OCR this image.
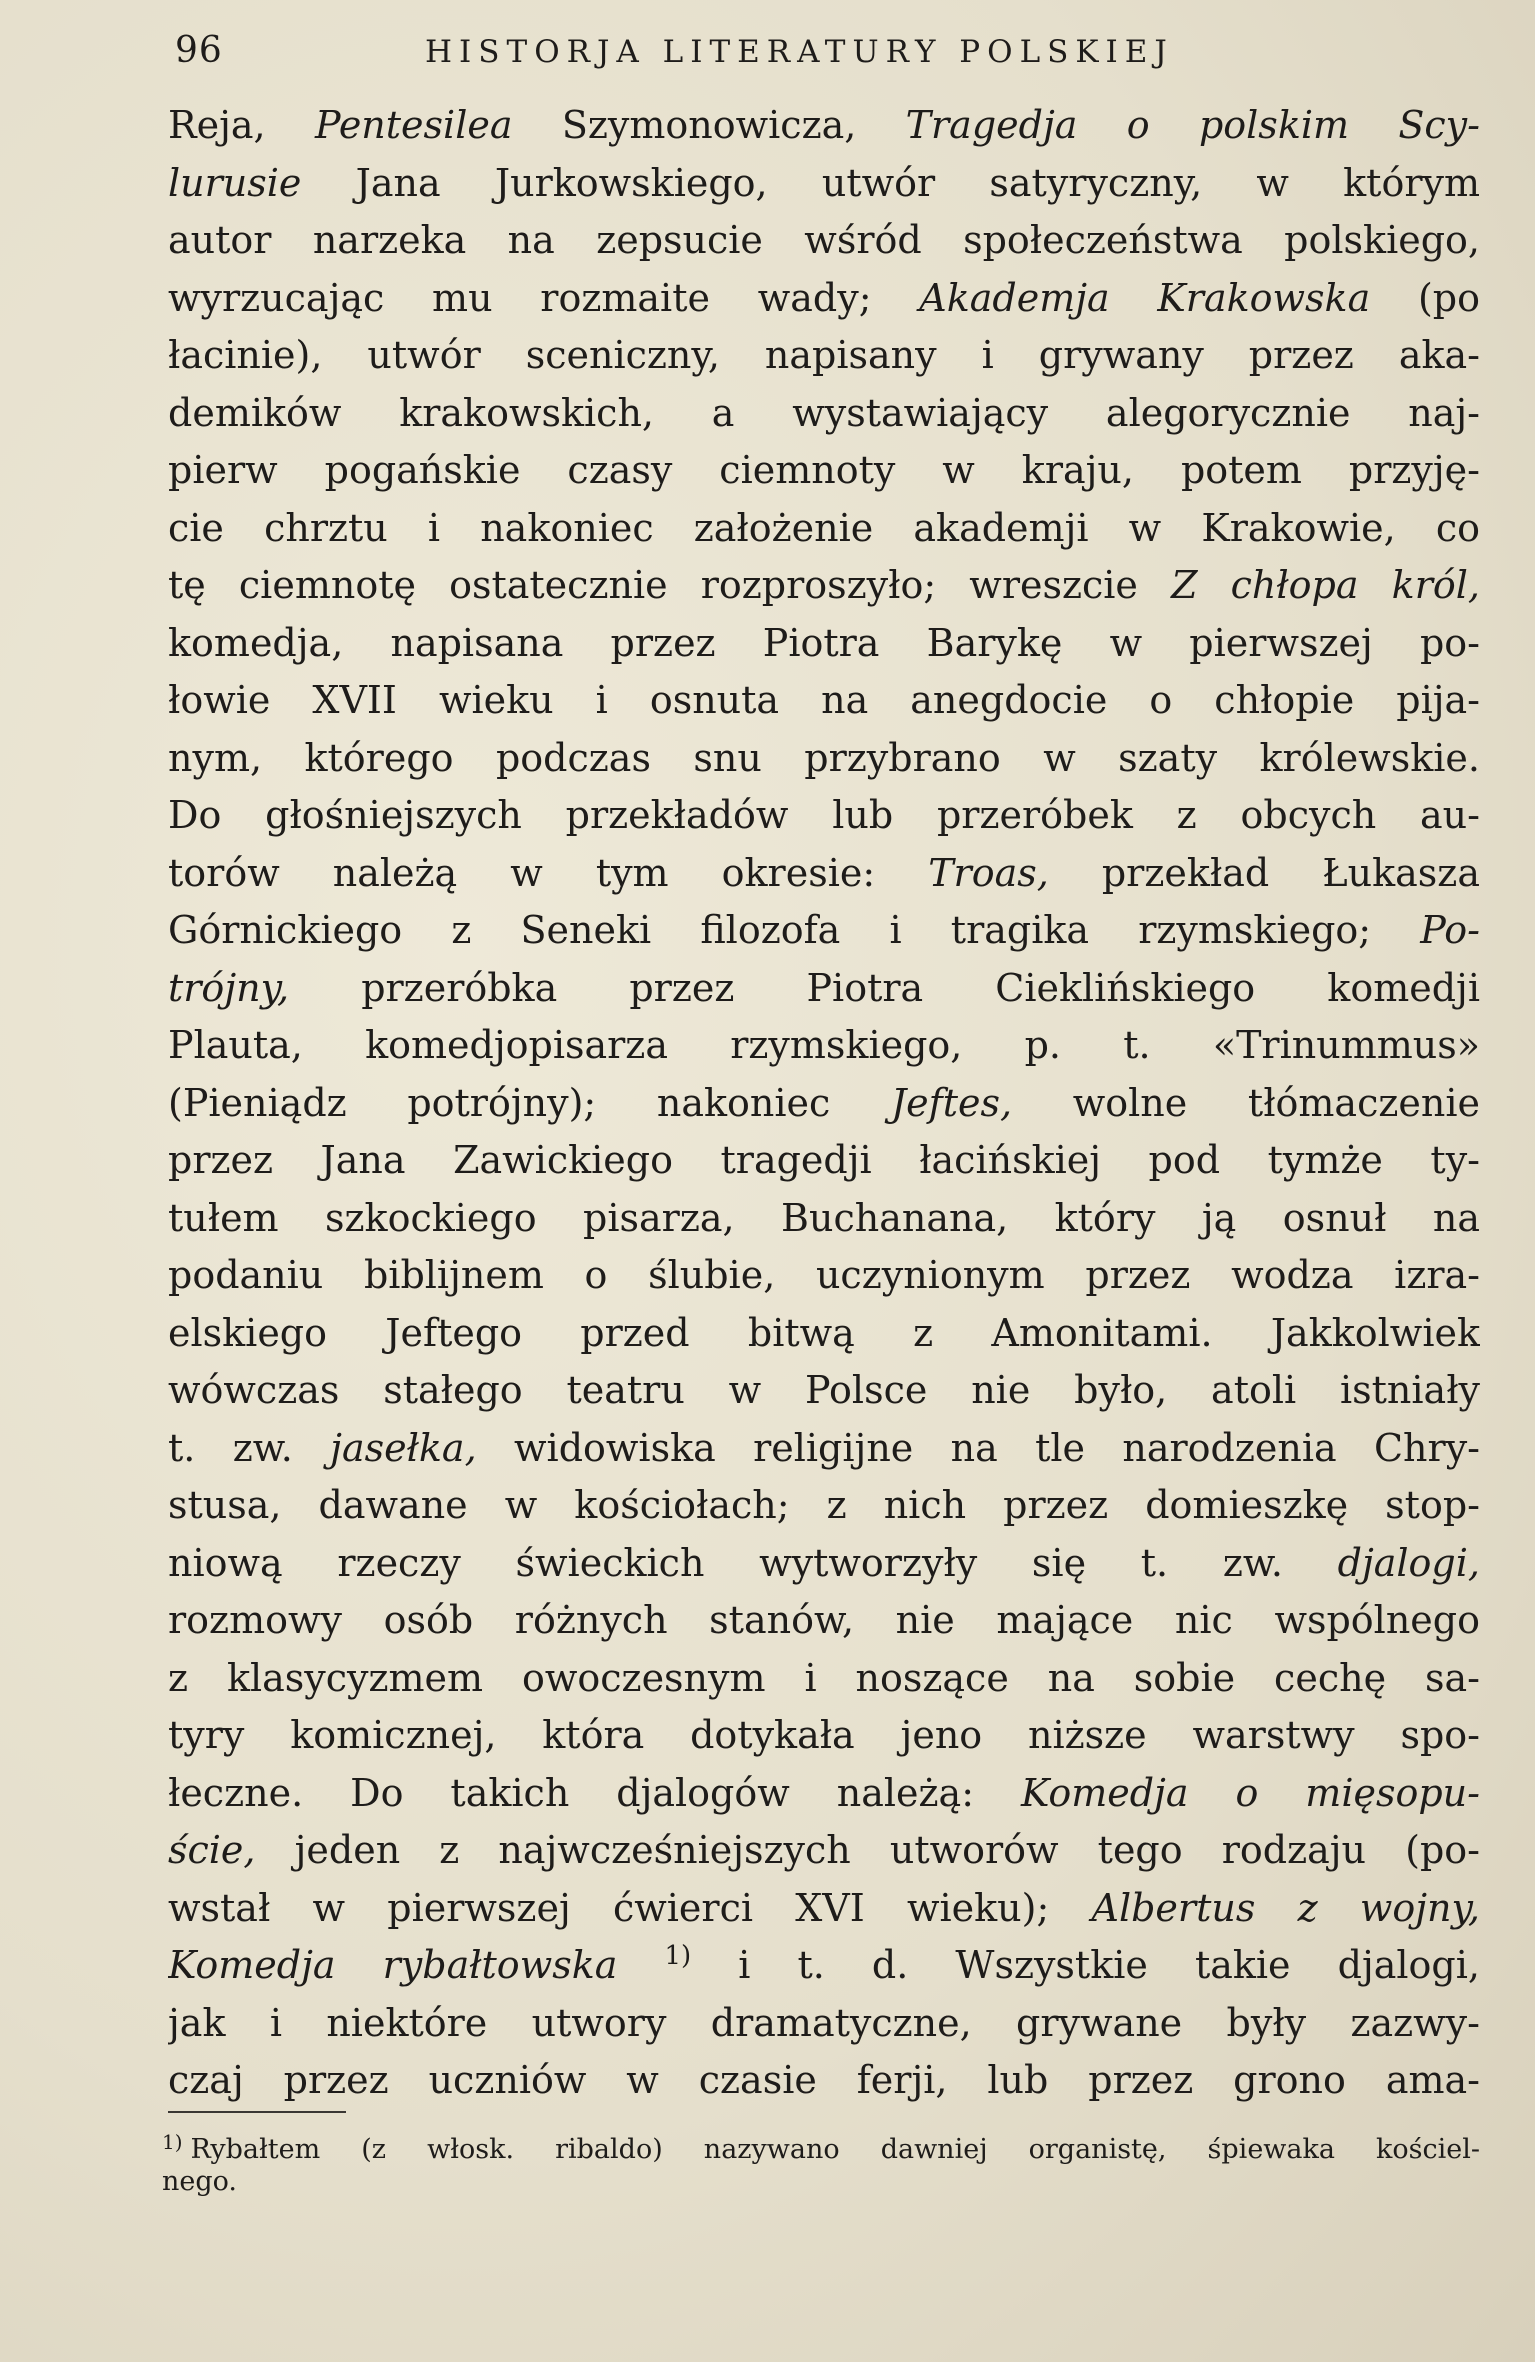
96	HISTORJA LITERATURY POLSKIEJ
Reja, Pentesilea Szymonowicza, Tragedja o polskim Scy-
lurusie Jana Jurkowskiego, utwór satyryczny, w którym
autor narzeka na zepsucie wśród społeczeństwa polskiego,
wyrzucając mu rozmaite wady; Akademja Krakowska (po
łacinie), utwór sceniczny, napisany i grywany przez aka-
demików krakowskich, a wystawiający alegorycznie naj-
pierw pogańskie czasy ciemnoty w kraju, potem przyję-
cie chrztu i nakoniec założenie akademji w Krakowie, co
tę ciemnotę ostatecznie rozproszyło; wreszcie Z chłopa król,
komedja, napisana przez Piotra Barykę w pierwszej po-
łowie XVII wieku i osnuta na anegdocie o chłopie pija-
nym, którego podczas snu przybrano w szaty królewskie.
Do głośniejszych przekładów lub przeróbek z obcych au-
torów należą w tym okresie: Troas, przekład Łukasza
Górnickiego z Seneki filozofa i tragika rzymskiego; Po-
trójny, przeróbka przez Piotra Cieklińskiego komedji
Plauta, komedjopisarza rzymskiego, p. t. «Trinummus»
(Pieniądz potrójny); nakoniec Jeftes, wolne tłómaczenie
przez Jana Zawickiego tragedji łacińskiej pod tymże ty-
tułem szkockiego pisarza, Buchanana, który ją osnuł na
podaniu biblijnem o ślubie, uczynionym przez wodza izra-
elskiego Jeftego przed bitwą z Amonitami. Jakkolwiek
wówczas stałego teatru w Polsce nie było, atoli istniały
t. zw. jasełka, widowiska religijne na tle narodzenia Chry-
stusa, dawane w kościołach; z nich przez domieszkę stop-
niową rzeczy świeckich wytworzyły się t. zw. djalogi,
rozmowy osób różnych stanów, nie mające nic wspólnego
z klasycyzmem owoczesnym i noszące na sobie cechę sa-
tyry komicznej, która dotykała jeno niższe warstwy spo-
łeczne. Do takich djalogów należą: Komedja o mięsopu-
ście, jeden z najwcześniejszych utworów tego rodzaju (po-
wstał w pierwszej ćwierci XVI wieku); Albertus z wojny,
Komedja rybałtowska $^{1)}$ i t. d. Wszystkie takie djalogi,
jak i niektóre utwory dramatyczne, grywane były zazwy-
czaj przez uczniów w czasie ferji, lub przez grono ama-
$^{1)}$ Rybałtem (z włosk. ribaldo) nazywano dawniej organistę, śpiewaka kościel-
nego.
